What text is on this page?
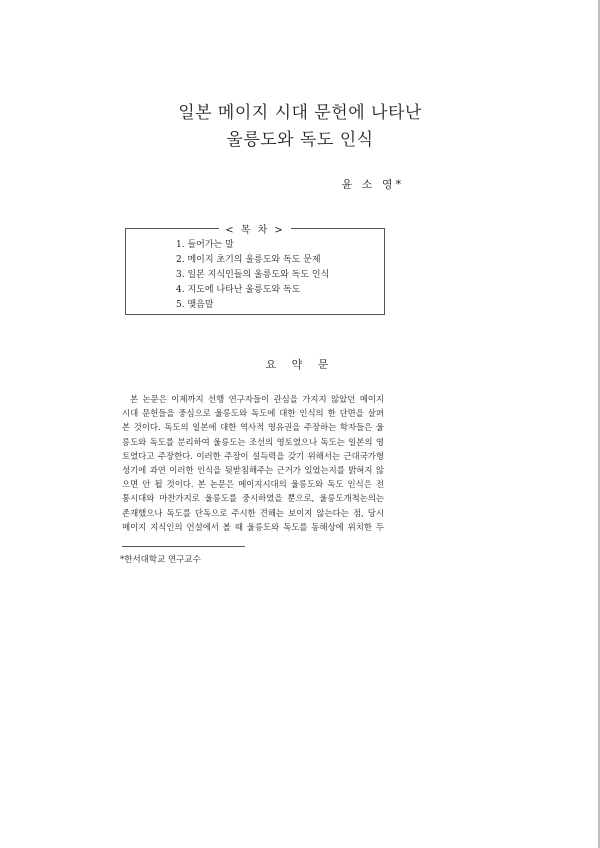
일본 메이지 시대 문헌에 나타난
울릉도와 독도 인식
윤 소 영*
< 목 차 >
1. 들어가는 말
2. 메이지 초기의 울릉도와 독도 문제
3. 일본 지식인들의 울릉도와 독도 인식
4. 지도에 나타난 울릉도와 독도
5. 맺음말
요 약 문

본 논문은 이제까지 선행 연구자들이 관심을 가지지 않았던 메이지
시대 문헌들을 중심으로 울릉도와 독도에 대한 인식의 한 단면을 살펴
본 것이다. 독도의 일본에 대한 역사적 영유권을 주장하는 학자들은 울
릉도와 독도를 분리하여 울릉도는 조선의 영토였으나 독도는 일본의 영
토였다고 주장한다. 이러한 주장이 설득력을 갖기 위해서는 근대국가형
성기에 과연 이러한 인식을 뒷받침해주는 근거가 있었는지를 밝혀지 않
으면 안 될 것이다. 본 논문은 메이지시대의 울릉도와 독도 인식은 전
통시대와 마찬가지로 울릉도를 중시하였을 뿐으로, 울릉도개척논의는
존재했으나 독도를 단독으로 주시한 견해는 보이지 않는다는 점, 당시
메이지 지식인의 언설에서 볼 때 울릉도와 독도를 동해상에 위치한 두

*한서대학교 연구교수
